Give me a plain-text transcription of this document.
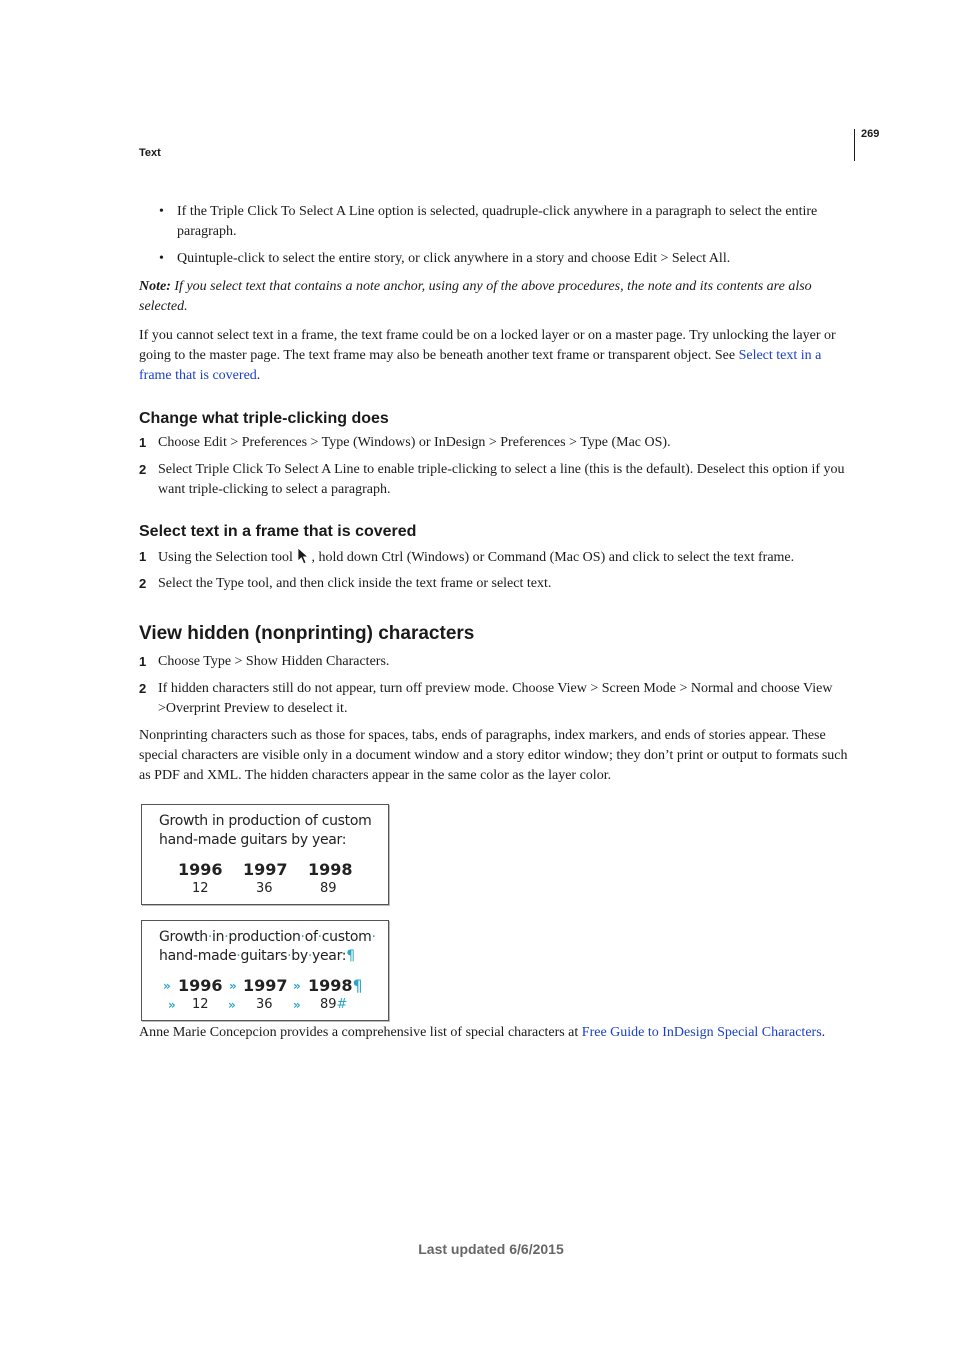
269
Text
• If the Triple Click To Select A Line option is selected, quadruple-click anywhere in a paragraph to select the entire paragraph.
• Quintuple-click to select the entire story, or click anywhere in a story and choose Edit > Select All.
Note: If you select text that contains a note anchor, using any of the above procedures, the note and its contents are also selected.
If you cannot select text in a frame, the text frame could be on a locked layer or on a master page. Try unlocking the layer or going to the master page. The text frame may also be beneath another text frame or transparent object. See Select text in a frame that is covered.
Change what triple-clicking does
1 Choose Edit > Preferences > Type (Windows) or InDesign > Preferences > Type (Mac OS).
2 Select Triple Click To Select A Line to enable triple-clicking to select a line (this is the default). Deselect this option if you want triple-clicking to select a paragraph.
Select text in a frame that is covered
1 Using the Selection tool , hold down Ctrl (Windows) or Command (Mac OS) and click to select the text frame.
2 Select the Type tool, and then click inside the text frame or select text.
View hidden (nonprinting) characters
1 Choose Type > Show Hidden Characters.
2 If hidden characters still do not appear, turn off preview mode. Choose View > Screen Mode > Normal and choose View >Overprint Preview to deselect it.
Nonprinting characters such as those for spaces, tabs, ends of paragraphs, index markers, and ends of stories appear. These special characters are visible only in a document window and a story editor window; they don’t print or output to formats such as PDF and XML. The hidden characters appear in the same color as the layer color.
Growth in production of custom
hand-made guitars by year:
1996 1997 1998
12	36	89
Growth·in·production·of·custom·
hand-made·guitars·by·year:¶
» 1996 » 1997 » 1998¶
» 12 » 36 » 89#
Anne Marie Concepcion provides a comprehensive list of special characters at Free Guide to InDesign Special Characters.
Last updated 6/6/2015
